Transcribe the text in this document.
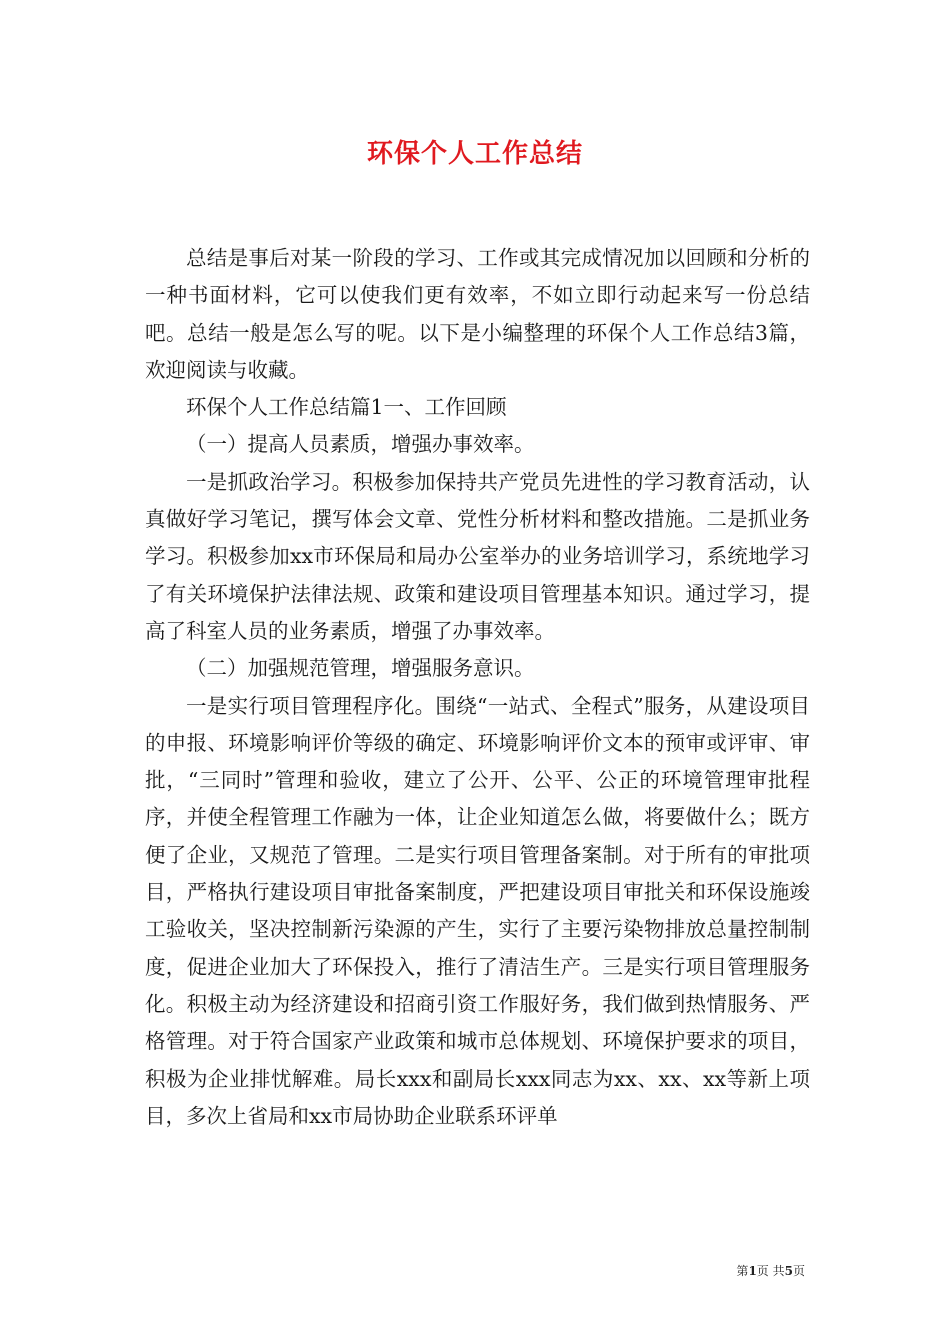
环保个人工作总结

总结是事后对某一阶段的学习、工作或其完成情况加以回顾和分析的一种书面材料，它可以使我们更有效率，不如立即行动起来写一份总结吧。总结一般是怎么写的呢。以下是小编整理的环保个人工作总结3篇，欢迎阅读与收藏。

环保个人工作总结篇1一、工作回顾

（一）提高人员素质，增强办事效率。

一是抓政治学习。积极参加保持共产党员先进性的学习教育活动，认真做好学习笔记，撰写体会文章、党性分析材料和整改措施。二是抓业务学习。积极参加xx市环保局和局办公室举办的业务培训学习，系统地学习了有关环境保护法律法规、政策和建设项目管理基本知识。通过学习，提高了科室人员的业务素质，增强了办事效率。

（二）加强规范管理，增强服务意识。

一是实行项目管理程序化。围绕“一站式、全程式”服务，从建设项目的申报、环境影响评价等级的确定、环境影响评价文本的预审或评审、审批，“三同时”管理和验收，建立了公开、公平、公正的环境管理审批程序，并使全程管理工作融为一体，让企业知道怎么做，将要做什么；既方便了企业，又规范了管理。二是实行项目管理备案制。对于所有的审批项目，严格执行建设项目审批备案制度，严把建设项目审批关和环保设施竣工验收关，坚决控制新污染源的产生，实行了主要污染物排放总量控制制度，促进企业加大了环保投入，推行了清洁生产。三是实行项目管理服务化。积极主动为经济建设和招商引资工作服好务，我们做到热情服务、严格管理。对于符合国家产业政策和城市总体规划、环境保护要求的项目，积极为企业排忧解难。局长xxx和副局长xxx同志为xx、xx、xx等新上项目，多次上省局和xx市局协助企业联系环评单

第1页 共5页
